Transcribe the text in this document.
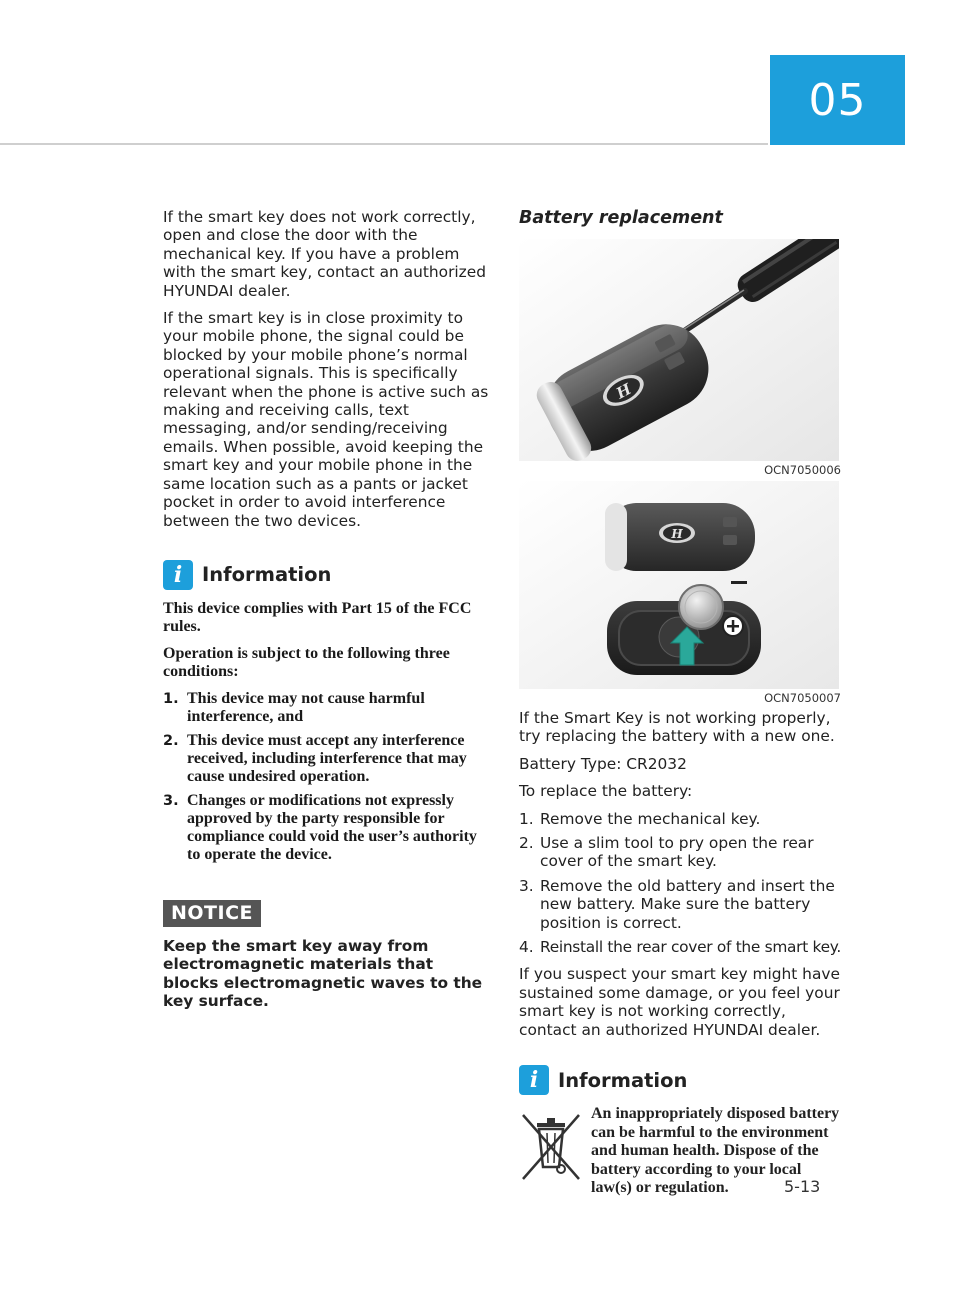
05

If the smart key does not work correctly, open and close the door with the mechanical key. If you have a problem with the smart key, contact an authorized HYUNDAI dealer.

If the smart key is in close proximity to your mobile phone, the signal could be blocked by your mobile phone’s normal operational signals. This is specifically relevant when the phone is active such as making and receiving calls, text messaging, and/or sending/receiving emails. When possible, avoid keeping the smart key and your mobile phone in the same location such as a pants or jacket pocket in order to avoid interference between the two devices.

i	Information

This device complies with Part 15 of the FCC rules.

Operation is subject to the following three conditions:

1. This device may not cause harmful interference, and
2. This device must accept any interference received, including interference that may cause undesired operation.
3. Changes or modifications not expressly approved by the party responsible for compliance could void the user’s authority to operate the device.
NOTICE

Keep the smart key away from electromagnetic materials that blocks electromagnetic waves to the key surface.

Battery replacement
H
OCN7050006
H
OCN7050007

If the Smart Key is not working properly, try replacing the battery with a new one.

Battery Type: CR2032

To replace the battery:

1. Remove the mechanical key.
2. Use a slim tool to pry open the rear cover of the smart key.
3. Remove the old battery and insert the new battery. Make sure the battery position is correct.
4. Reinstall the rear cover of the smart key.

If you suspect your smart key might have sustained some damage, or you feel your smart key is not working correctly, contact an authorized HYUNDAI dealer.

i	Information

An inappropriately disposed battery can be harmful to the environment and human health. Dispose of the battery according to your local law(s) or regulation.	5-13
